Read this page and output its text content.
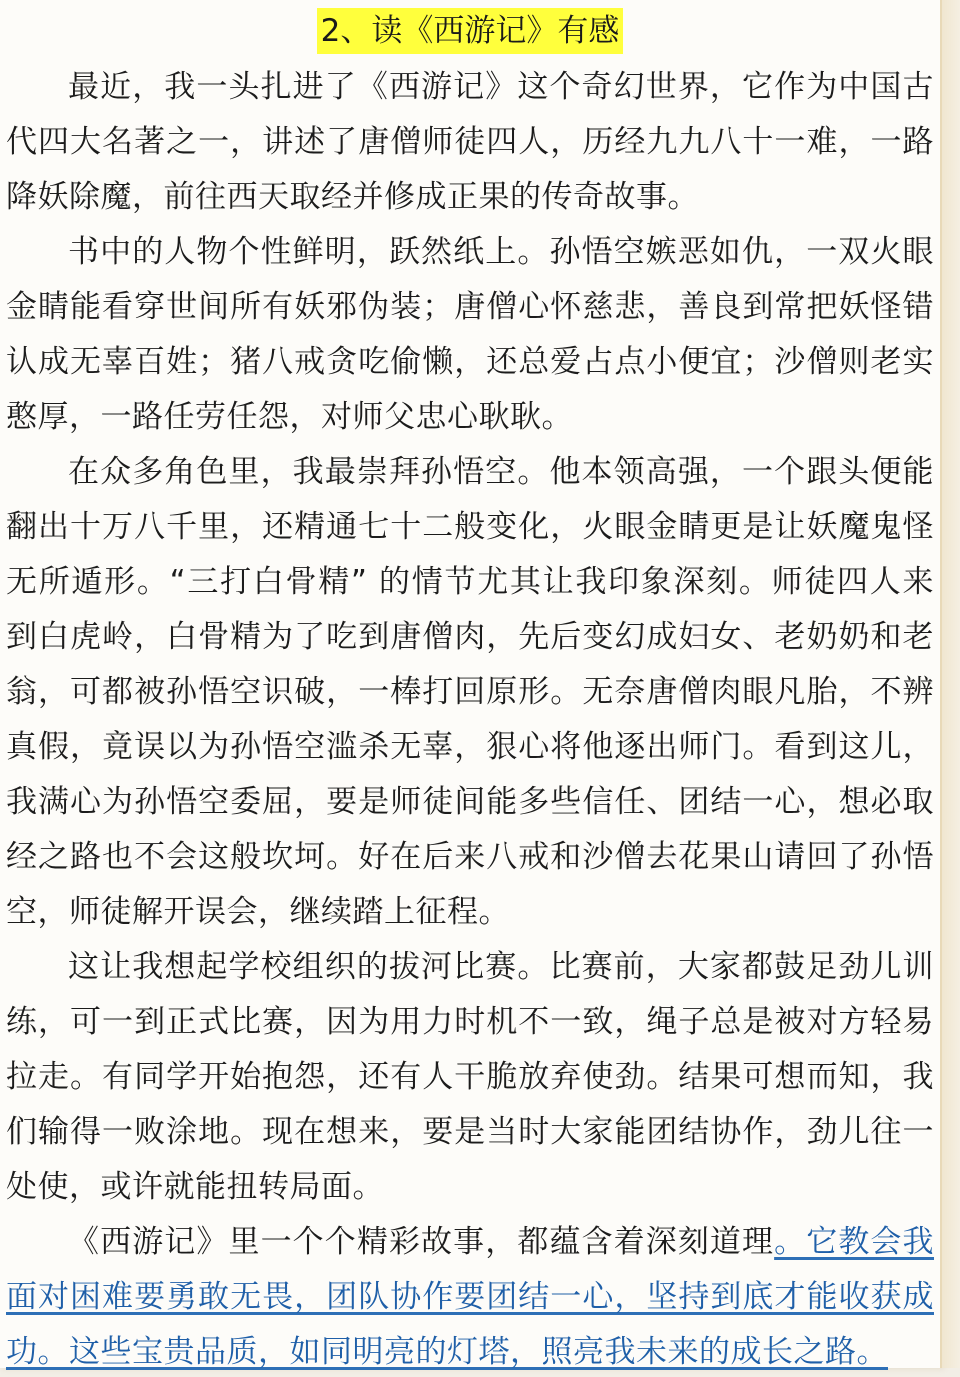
2、读《西游记》有感
最近，我一头扎进了《西游记》这个奇幻世界，它作为中国古
代四大名著之一，讲述了唐僧师徒四人，历经九九八十一难，一路
降妖除魔，前往西天取经并修成正果的传奇故事。
书中的人物个性鲜明，跃然纸上。孙悟空嫉恶如仇，一双火眼
金睛能看穿世间所有妖邪伪装；唐僧心怀慈悲，善良到常把妖怪错
认成无辜百姓；猪八戒贪吃偷懒，还总爱占点小便宜；沙僧则老实
憨厚，一路任劳任怨，对师父忠心耿耿。
在众多角色里，我最崇拜孙悟空。他本领高强，一个跟头便能
翻出十万八千里，还精通七十二般变化，火眼金睛更是让妖魔鬼怪
无所遁形。“三打白骨精” 的情节尤其让我印象深刻。师徒四人来
到白虎岭，白骨精为了吃到唐僧肉，先后变幻成妇女、老奶奶和老
翁，可都被孙悟空识破，一棒打回原形。无奈唐僧肉眼凡胎，不辨
真假，竟误以为孙悟空滥杀无辜，狠心将他逐出师门。看到这儿，
我满心为孙悟空委屈，要是师徒间能多些信任、团结一心，想必取
经之路也不会这般坎坷。好在后来八戒和沙僧去花果山请回了孙悟
空，师徒解开误会，继续踏上征程。
这让我想起学校组织的拔河比赛。比赛前，大家都鼓足劲儿训
练，可一到正式比赛，因为用力时机不一致，绳子总是被对方轻易
拉走。有同学开始抱怨，还有人干脆放弃使劲。结果可想而知，我
们输得一败涂地。现在想来，要是当时大家能团结协作，劲儿往一
处使，或许就能扭转局面。
《西游记》里一个个精彩故事，都蕴含着深刻道理。它教会我
面对困难要勇敢无畏，团队协作要团结一心，坚持到底才能收获成
功。这些宝贵品质，如同明亮的灯塔，照亮我未来的成长之路。
